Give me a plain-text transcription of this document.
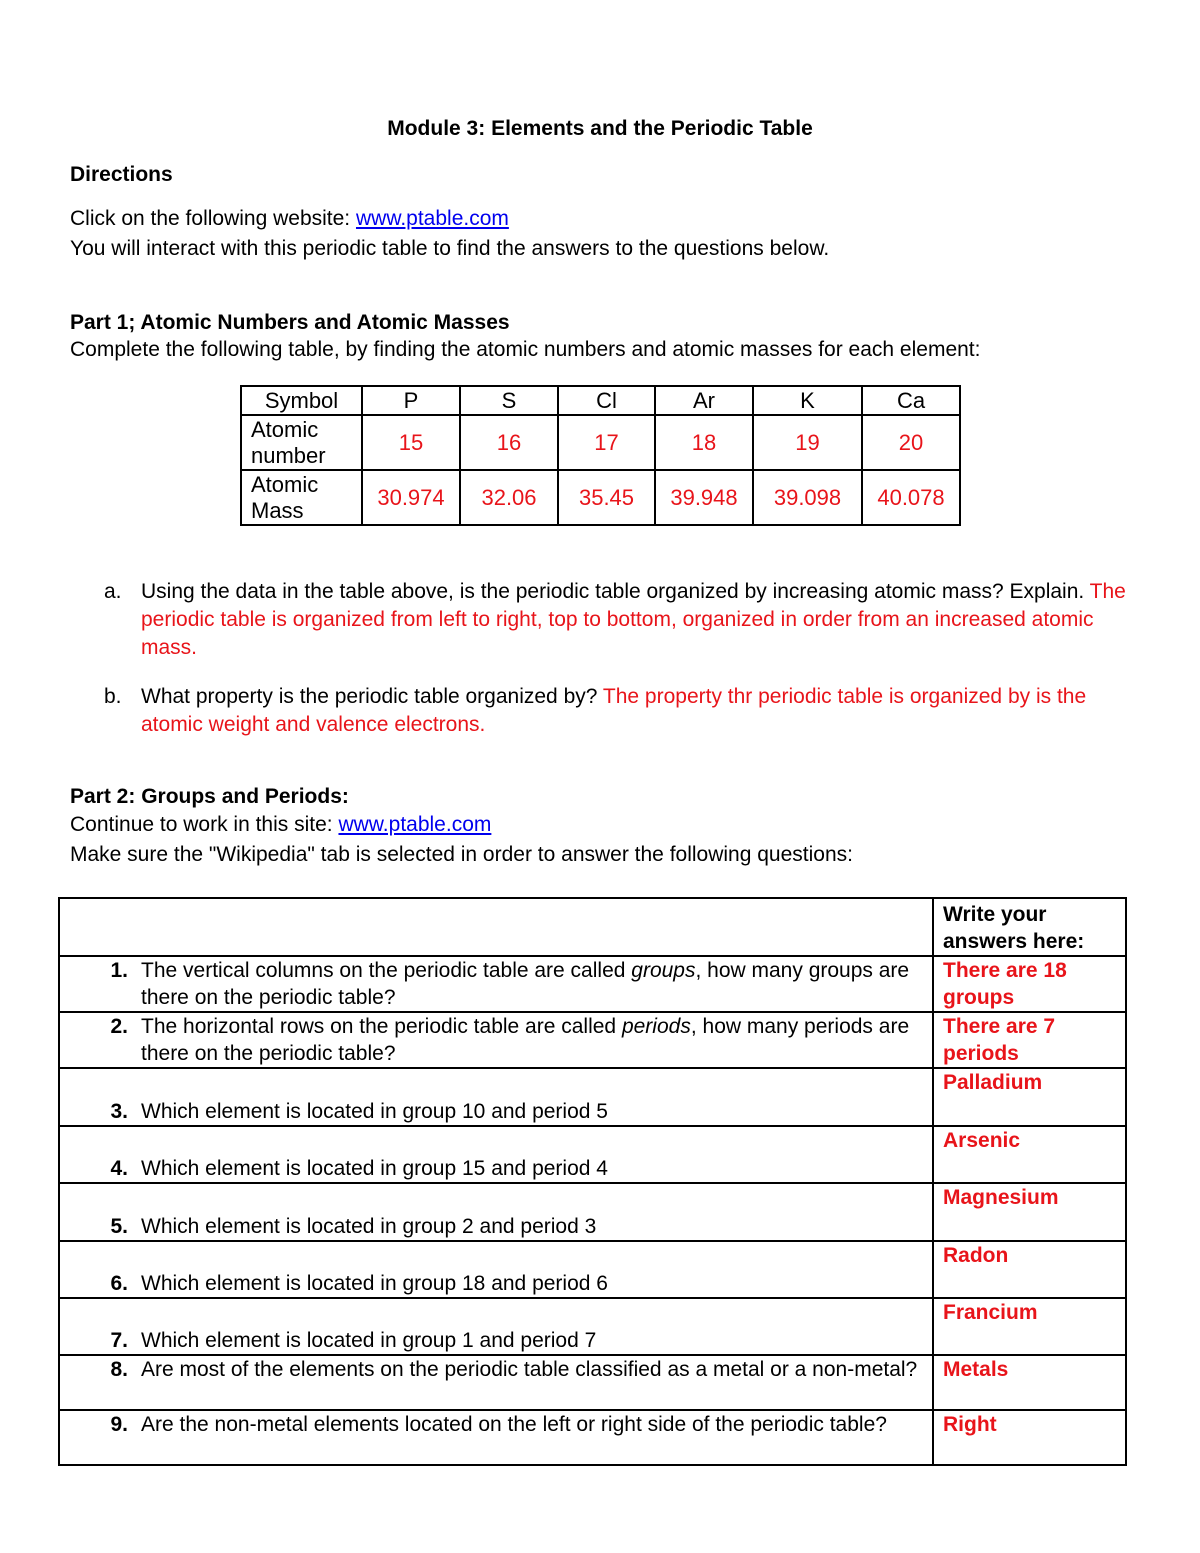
Module 3: Elements and the Periodic Table
Directions
Click on the following website: www.ptable.com
You will interact with this periodic table to find the answers to the questions below.
Part 1; Atomic Numbers and Atomic Masses
Complete the following table, by finding the atomic numbers and atomic masses for each element:
Symbol	P	S	Cl	Ar	K	Ca
Atomic
number	15	16	17	18	19	20
Atomic
Mass	30.974	32.06	35.45	39.948	39.098	40.078
a. Using the data in the table above, is the periodic table organized by increasing atomic mass? Explain. The periodic table is organized from left to right, top to bottom, organized in order from an increased atomic mass.
b. What property is the periodic table organized by? The property thr periodic table is organized by is the atomic weight and valence electrons.
Part 2: Groups and Periods:
Continue to work in this site: www.ptable.com
Make sure the "Wikipedia" tab is selected in order to answer the following questions:
	Write your answers here:

1. The vertical columns on the periodic table are called groups, how many groups are there on the periodic table?	There are 18 groups

2. The horizontal rows on the periodic table are called periods, how many periods are there on the periodic table?	There are 7 periods

3. Which element is located in group 10 and period 5	Palladium

4. Which element is located in group 15 and period 4	Arsenic

5. Which element is located in group 2 and period 3	Magnesium

6. Which element is located in group 18 and period 6	Radon

7. Which element is located in group 1 and period 7	Francium

8. Are most of the elements on the periodic table classified as a metal or a non-metal?	Metals

9. Are the non-metal elements located on the left or right side of the periodic table?	Right
